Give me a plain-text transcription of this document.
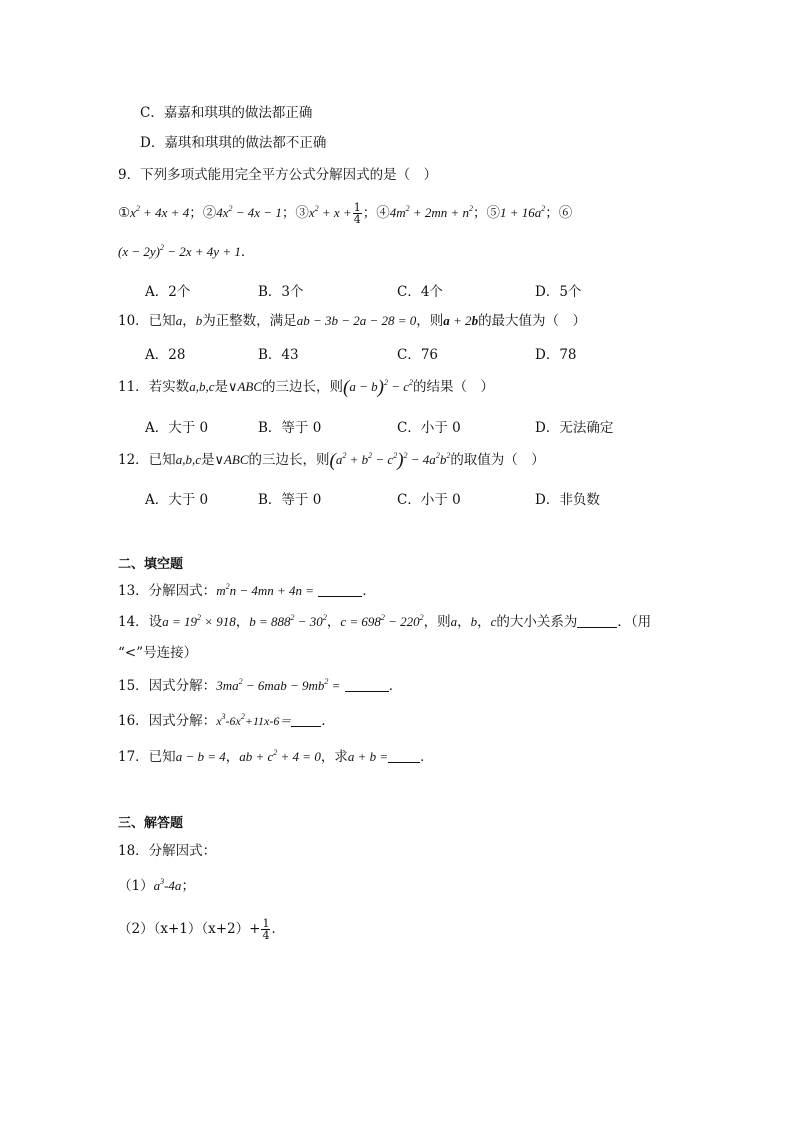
C．嘉嘉和琪琪的做法都正确
D．嘉琪和琪琪的做法都不正确
9．下列多项式能用完全平方公式分解因式的是（　）
$①x^2 + 4x + 4$；$②4x^2 - 4x - 1$；$③x^2 + x + \frac{1}{4}$ ；$④4m^2 + 2mn + n^2$；⑤1 + $16a^2$；⑥
$(x - 2y)^2 - 2x + 4y + 1$．
A．2个	B．3个	C．4个	D．5个
10．已知a，b为正整数，满足ab − 3b − 2a − 28 = 0，则a + 2b的最大值为（　）
A．28	B．43	C．76	D．78
11．若实数a,b,c是∨ABC的三边长，则$(a - b)^2 - c^2$的结果（　）
A．大于 0	B．等于 0	C．小于 0	D．无法确定
12．已知a,b,c是∨ABC的三边长，则$(a^2 + b^2 - c^2)^2 - 4a^2b^2$的取值为（　）
A．大于 0	B．等于 0	C．小于 0	D．非负数
二、填空题
13．分解因式：$m^2n - 4mn + 4n$ =	．
14．设$a = 19^2 \times 918$，$b = 888^2 - 30^2$，$c = 698^2 - 220^2$，则a，b，c的大小关系为	．（用
“<”号连接）
15．因式分解：$3ma^2 - 6mab - 9mb^2$ =	．
16．因式分解：$x^3-6x^2+11x-6=$ ．
17．已知a − b = 4，ab + $c^2 + 4 = 0$，求a + b = ．
三、解答题
18．分解因式：
$(1)a^3-4a$；
$(2)(x+1)(x+2)+ \frac{1}{4}$ ．
